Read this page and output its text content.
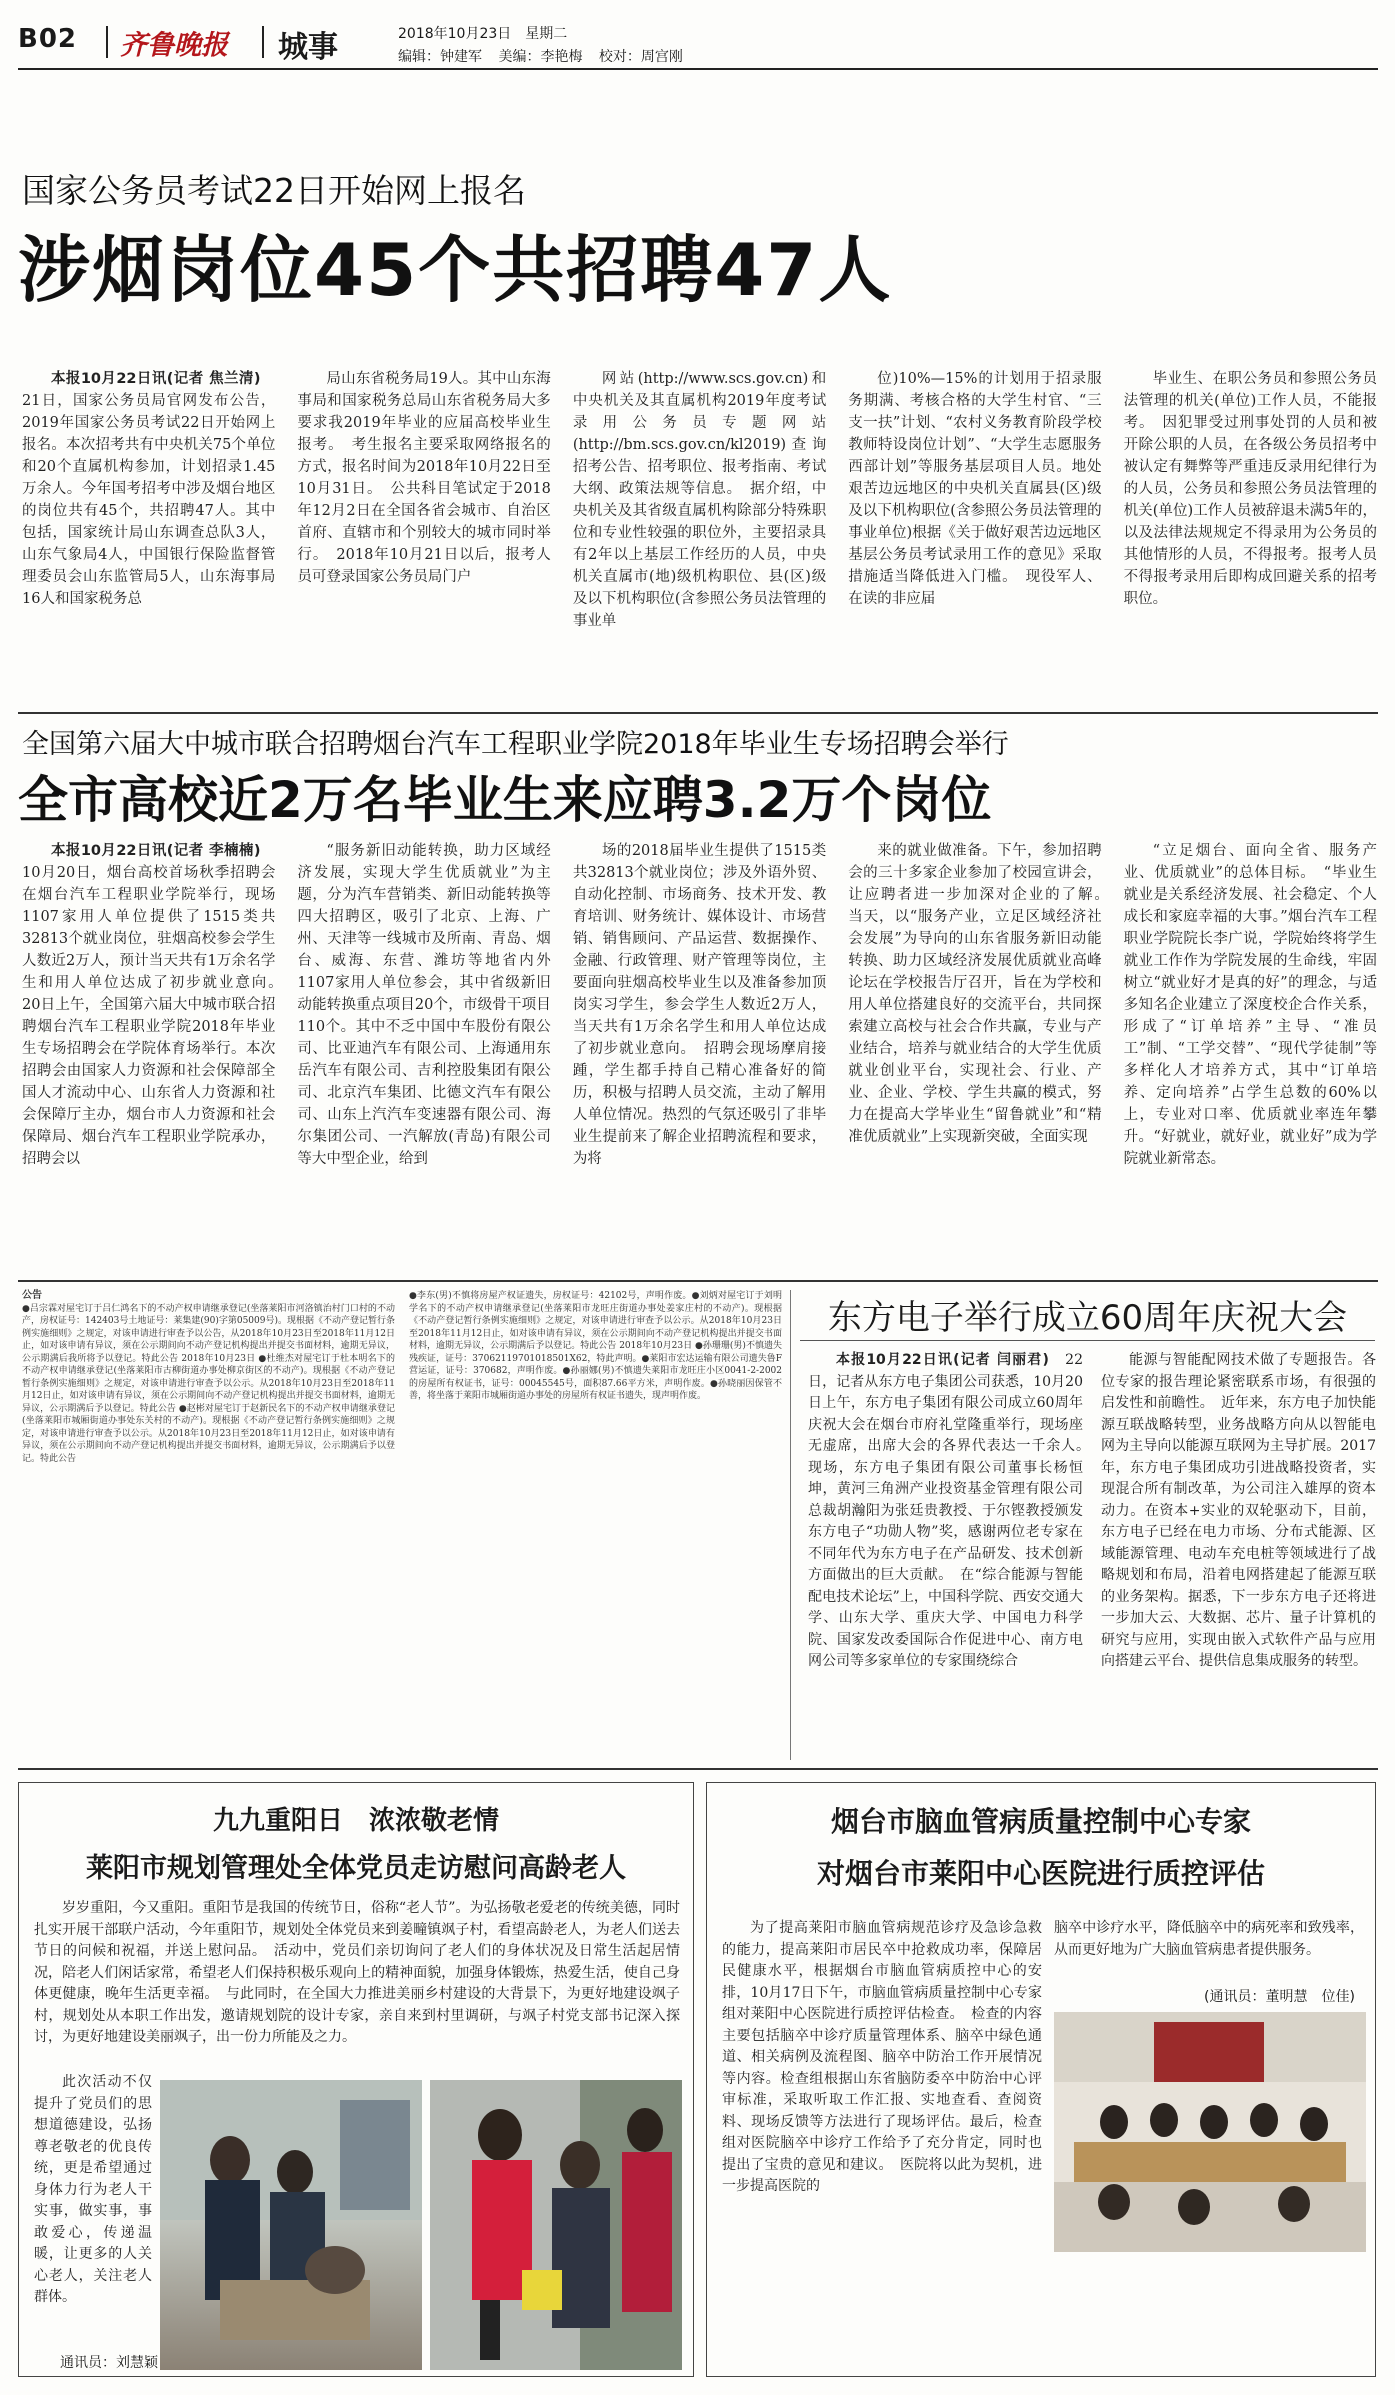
B02 齐鲁晚报 城事	2018年10月23日　星期二
编辑：钟建军 美编：李艳梅 校对：周宫刚
国家公务员考试22日开始网上报名
涉烟岗位45个共招聘47人

本报10月22日讯(记者 焦兰清)　21日，国家公务员局官网发布公告，2019年国家公务员考试22日开始网上报名。本次招考共有中央机关75个单位和20个直属机构参加，计划招录1.45万余人。今年国考招考中涉及烟台地区的岗位共有45个，共招聘47人。其中包括，国家统计局山东调查总队3人，山东气象局4人，中国银行保险监督管理委员会山东监管局5人，山东海事局16人和国家税务总

局山东省税务局19人。其中山东海事局和国家税务总局山东省税务局大多要求我2019年毕业的应届高校毕业生报考。　考生报名主要采取网络报名的方式，报名时间为2018年10月22日至10月31日。　公共科目笔试定于2018年12月2日在全国各省会城市、自治区首府、直辖市和个别较大的城市同时举行。　2018年10月21日以后，报考人员可登录国家公务员局门户

网站(http://www.scs.gov.cn)和中央机关及其直属机构2019年度考试录用公务员专题网站(http://bm.scs.gov.cn/kl2019)查询招考公告、招考职位、报考指南、考试大纲、政策法规等信息。　据介绍，中央机关及其省级直属机构除部分特殊职位和专业性较强的职位外，主要招录具有2年以上基层工作经历的人员，中央机关直属市(地)级机构职位、县(区)级及以下机构职位(含参照公务员法管理的事业单

位)10%—15%的计划用于招录服务期满、考核合格的大学生村官、“三支一扶”计划、“农村义务教育阶段学校教师特设岗位计划”、“大学生志愿服务西部计划”等服务基层项目人员。地处艰苦边远地区的中央机关直属县(区)级及以下机构职位(含参照公务员法管理的事业单位)根据《关于做好艰苦边远地区基层公务员考试录用工作的意见》采取措施适当降低进入门槛。　现役军人、在读的非应届

毕业生、在职公务员和参照公务员法管理的机关(单位)工作人员，不能报考。　因犯罪受过刑事处罚的人员和被开除公职的人员，在各级公务员招考中被认定有舞弊等严重违反录用纪律行为的人员，公务员和参照公务员法管理的机关(单位)工作人员被辞退未满5年的，以及法律法规规定不得录用为公务员的其他情形的人员，不得报考。报考人员不得报考录用后即构成回避关系的招考职位。

全国第六届大中城市联合招聘烟台汽车工程职业学院2018年毕业生专场招聘会举行
全市高校近2万名毕业生来应聘3.2万个岗位

本报10月22日讯(记者 李楠楠)　10月20日，烟台高校首场秋季招聘会在烟台汽车工程职业学院举行，现场1107家用人单位提供了1515类共32813个就业岗位，驻烟高校参会学生人数近2万人，预计当天共有1万余名学生和用人单位达成了初步就业意向。　20日上午，全国第六届大中城市联合招聘烟台汽车工程职业学院2018年毕业生专场招聘会在学院体育场举行。本次招聘会由国家人力资源和社会保障部全国人才流动中心、山东省人力资源和社会保障厅主办，烟台市人力资源和社会保障局、烟台汽车工程职业学院承办，招聘会以

“服务新旧动能转换，助力区域经济发展，实现大学生优质就业”为主题，分为汽车营销类、新旧动能转换等四大招聘区，吸引了北京、上海、广州、天津等一线城市及所南、青岛、烟台、威海、东营、潍坊等地省内外1107家用人单位参会，其中省级新旧动能转换重点项目20个，市级骨干项目110个。其中不乏中国中车股份有限公司、比亚迪汽车有限公司、上海通用东岳汽车有限公司、吉利控股集团有限公司、北京汽车集团、比德文汽车有限公司、山东上汽汽车变速器有限公司、海尔集团公司、一汽解放(青岛)有限公司等大中型企业，给到

场的2018届毕业生提供了1515类共32813个就业岗位；涉及外语外贸、自动化控制、市场商务、技术开发、教育培训、财务统计、媒体设计、市场营销、销售顾问、产品运营、数据操作、金融、行政管理、财产管理等岗位，主要面向驻烟高校毕业生以及准备参加顶岗实习学生，参会学生人数近2万人，当天共有1万余名学生和用人单位达成了初步就业意向。　招聘会现场摩肩接踵，学生都手持自己精心准备好的简历，积极与招聘人员交流，主动了解用人单位情况。热烈的气氛还吸引了非毕业生提前来了解企业招聘流程和要求，为将

来的就业做准备。下午，参加招聘会的三十多家企业参加了校园宣讲会，让应聘者进一步加深对企业的了解。　当天，以“服务产业，立足区域经济社会发展”为导向的山东省服务新旧动能转换、助力区域经济发展优质就业高峰论坛在学校报告厅召开，旨在为学校和用人单位搭建良好的交流平台，共同探索建立高校与社会合作共赢，专业与产业结合，培养与就业结合的大学生优质就业创业平台，实现社会、行业、产业、企业、学校、学生共赢的模式，努力在提高大学毕业生“留鲁就业”和“精准优质就业”上实现新突破，全面实现

“立足烟台、面向全省、服务产业、优质就业”的总体目标。　“毕业生就业是关系经济发展、社会稳定、个人成长和家庭幸福的大事。”烟台汽车工程职业学院院长李广说，学院始终将学生就业工作作为学院发展的生命线，牢固树立“就业好才是真的好”的理念，与适多知名企业建立了深度校企合作关系，形成了“订单培养”主导、“准员工”制、“工学交替”、“现代学徒制”等多样化人才培养方式，其中“订单培养、定向培养”占学生总数的60%以上，专业对口率、优质就业率连年攀升。“好就业，就好业，就业好”成为学院就业新常态。

公告
●吕宗霖对屋宅订于吕仁鸿名下的不动产权申请继承登记(坐落莱阳市河洛镇治村门口村的不动产，房权证号：142403号土地证号：莱集建(90)字第05009号)。现根据《不动产登记暂行条例实施细则》之规定，对该申请进行审查予以公告，从2018年10月23日至2018年11月12日止，如对该申请有异议，须在公示期间向不动产登记机构提出并提交书面材料，逾期无异议，公示期满后我所将予以登记。特此公告 2018年10月23日 ●杜维杰对屋宅订于杜本明名下的不动产权申请继承登记(坐落莱阳市古柳街道办事处柳京街区的不动产)。现根据《不动产登记暂行条例实施细则》之规定，对该申请进行审查予以公示。从2018年10月23日至2018年11月12日止，如对该申请有异议，须在公示期间向不动产登记机构提出并提交书面材料，逾期无异议，公示期满后予以登记。特此公告 ●赵彬对屋宅订于赵新民名下的不动产权申请继承登记(坐落莱阳市城厢街道办事处东关村的不动产)。现根据《不动产登记暂行条例实施细则》之规定，对该申请进行审查予以公示。从2018年10月23日至2018年11月12日止，如对该申请有异议，须在公示期间向不动产登记机构提出并提交书面材料，逾期无异议，公示期满后予以登记。特此公告
●李东(男)不慎将房屋产权证遗失，房权证号：42102号，声明作废。●刘炳对屋宅订于刘明学名下的不动产权申请继承登记(坐落莱阳市龙旺庄街道办事处姜家庄村的不动产)。现根据《不动产登记暂行条例实施细则》之规定，对该申请进行审查予以公示。从2018年10月23日至2018年11月12日止，如对该申请有异议，须在公示期间向不动产登记机构提出并提交书面材料，逾期无异议，公示期满后予以登记。特此公告 2018年10月23日 ●孙珊珊(男)不慎遗失残疾证，证号：37062119701018501X62，特此声明。●莱阳市宏达运输有限公司遗失鲁F营运证，证号：370682，声明作废。●孙丽娜(男)不慎遗失莱阳市龙旺庄小区0041-2-2002的房屋所有权证书，证号：00045545号，面积87.66平方米，声明作废。●孙晓丽因保管不善，将坐落于莱阳市城厢街道办事处的房屋所有权证书遗失，现声明作废。
东方电子举行成立60周年庆祝大会

本报10月22日讯(记者 闫丽君)　22日，记者从东方电子集团公司获悉，10月20日上午，东方电子集团有限公司成立60周年庆祝大会在烟台市府礼堂隆重举行，现场座无虚席，出席大会的各界代表达一千余人。　现场，东方电子集团有限公司董事长杨恒坤，黄河三角洲产业投资基金管理有限公司总裁胡瀚阳为张廷贵教授、于尔铿教授颁发东方电子“功勋人物”奖，感谢两位老专家在不同年代为东方电子在产品研发、技术创新方面做出的巨大贡献。　在“综合能源与智能配电技术论坛”上，中国科学院、西安交通大学、山东大学、重庆大学、中国电力科学院、国家发改委国际合作促进中心、南方电网公司等多家单位的专家围绕综合

能源与智能配网技术做了专题报告。各位专家的报告理论紧密联系市场，有很强的启发性和前瞻性。　近年来，东方电子加快能源互联战略转型，业务战略方向从以智能电网为主导向以能源互联网为主导扩展。2017年，东方电子集团成功引进战略投资者，实现混合所有制改革，为公司注入雄厚的资本动力。在资本+实业的双轮驱动下，目前，东方电子已经在电力市场、分布式能源、区域能源管理、电动车充电桩等领域进行了战略规划和布局，沿着电网搭建起了能源互联的业务架构。据悉，下一步东方电子还将进一步加大云、大数据、芯片、量子计算机的研究与应用，实现由嵌入式软件产品与应用向搭建云平台、提供信息集成服务的转型。

九九重阳日　浓浓敬老情
莱阳市规划管理处全体党员走访慰问高龄老人

岁岁重阳，今又重阳。重阳节是我国的传统节日，俗称“老人节”。为弘扬敬老爱老的传统美德，同时扎实开展干部联户活动，今年重阳节，规划处全体党员来到姜疃镇飒子村，看望高龄老人，为老人们送去节日的问候和祝福，并送上慰问品。　活动中，党员们亲切询问了老人们的身体状况及日常生活起居情况，陪老人们闲话家常，希望老人们保持积极乐观向上的精神面貌，加强身体锻炼，热爱生活，使自己身体更健康，晚年生活更幸福。　与此同时，在全国大力推进美丽乡村建设的大背景下，为更好地建设飒子村，规划处从本职工作出发，邀请规划院的设计专家，亲自来到村里调研，与飒子村党支部书记深入探讨，为更好地建设美丽飒子，出一份力所能及之力。

此次活动不仅提升了党员们的思想道德建设，弘扬尊老敬老的优良传统，更是希望通过身体力行为老人干实事，做实事，事敢爱心，传递温暖，让更多的人关心老人，关注老人群体。

通讯员：刘慧颖
烟台市脑血管病质量控制中心专家
对烟台市莱阳中心医院进行质控评估

为了提高莱阳市脑血管病规范诊疗及急诊急救的能力，提高莱阳市居民卒中抢救成功率，保障居民健康水平，根据烟台市脑血管病质控中心的安排，10月17日下午，市脑血管病质量控制中心专家组对莱阳中心医院进行质控评估检查。　检查的内容主要包括脑卒中诊疗质量管理体系、脑卒中绿色通道、相关病例及流程图、脑卒中防治工作开展情况等内容。检查组根据山东省脑防委卒中防治中心评审标准，采取听取工作汇报、实地查看、查阅资料、现场反馈等方法进行了现场评估。最后，检查组对医院脑卒中诊疗工作给予了充分肯定，同时也提出了宝贵的意见和建议。　医院将以此为契机，进一步提高医院的

脑卒中诊疗水平，降低脑卒中的病死率和致残率，从而更好地为广大脑血管病患者提供服务。

(通讯员：董明慧　位佳)
